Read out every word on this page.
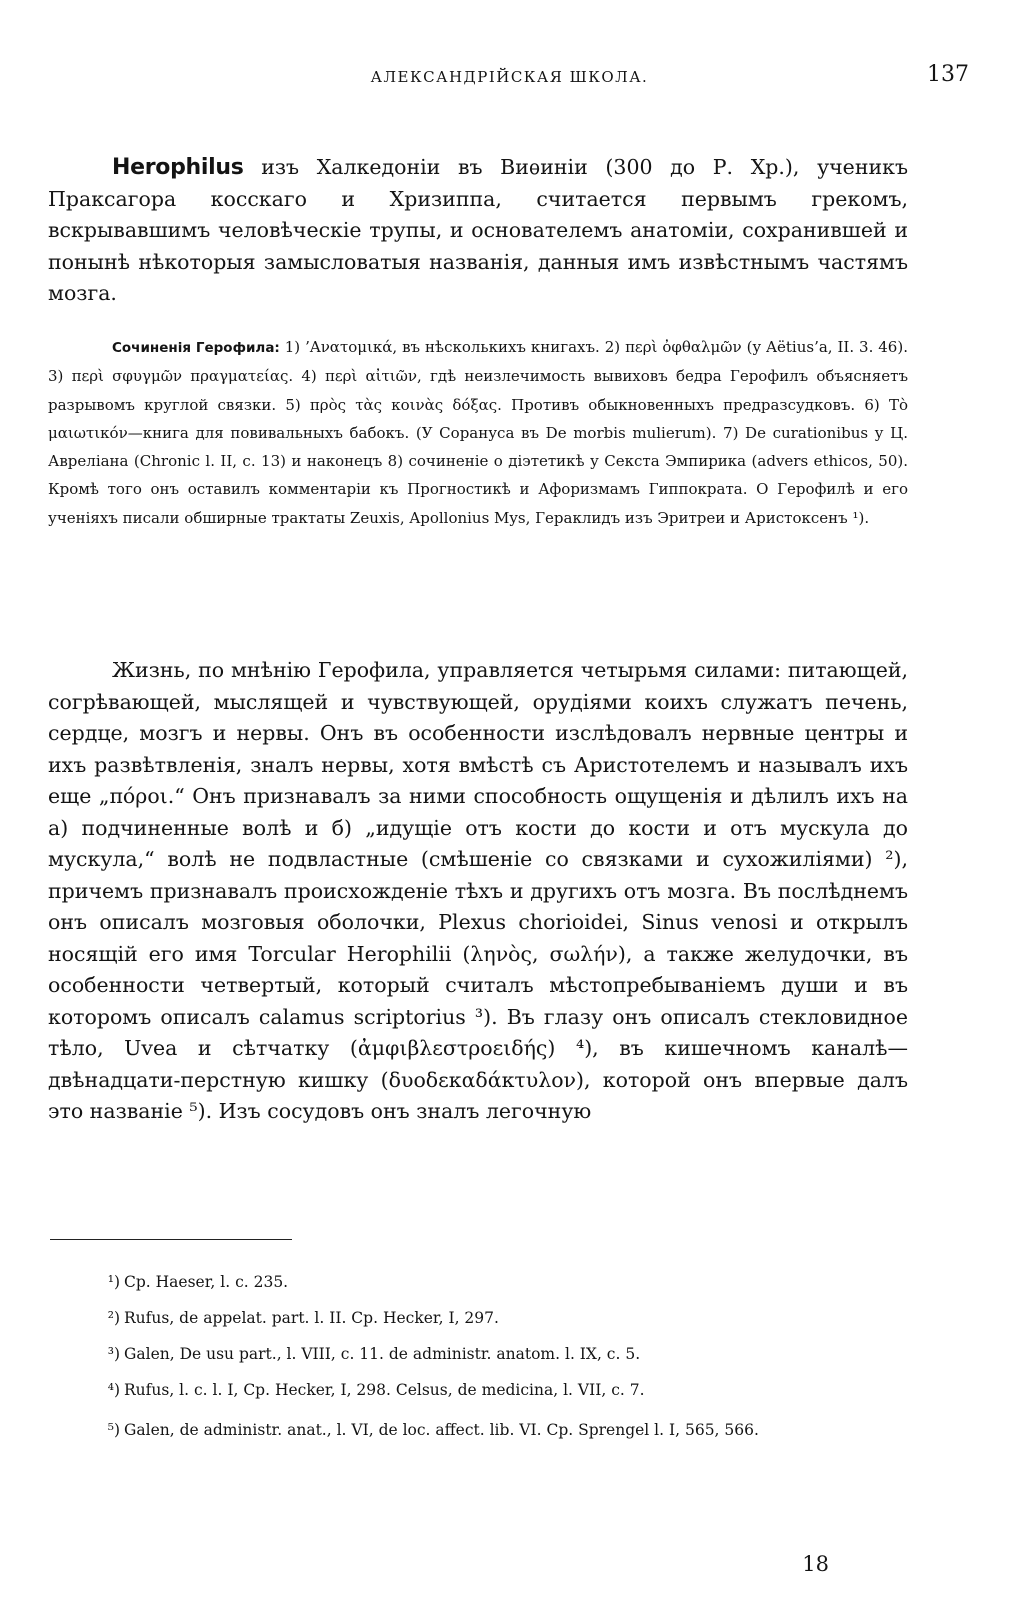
АЛЕКСАНДРІЙСКАЯ ШКОЛА.	137

Herophilus изъ Халкедоніи въ Виѳиніи (300 до Р. Хр.), ученикъ Праксагора косскаго и Хризиппа, считается первымъ грекомъ, вскрывавшимъ человѣческіе трупы, и основателемъ анатоміи, сохранившей и понынѣ нѣкоторыя замысловатыя названія, данныя имъ извѣстнымъ частямъ мозга.

Сочиненія Герофила: 1) ’Ανατομικά, въ нѣсколькихъ книгахъ. 2) περὶ ὀφθαλμῶν (у Aëtius’a, II. 3. 46). 3) περὶ σφυγμῶν πραγματείας. 4) περὶ αἰτιῶν, гдѣ неизлечимость вывиховъ бедра Герофилъ объясняетъ разрывомъ круглой связки. 5) πρὸς τὰς κοινὰς δόξας. Противъ обыкновенныхъ предразсудковъ. 6) Τὸ μαιωτικόν—книга для повивальныхъ бабокъ. (У Сорануса въ De morbis mulierum). 7) De curationibus у Ц. Авреліана (Chronic l. II, c. 13) и наконецъ 8) сочиненіе о діэтетикѣ у Секста Эмпирика (advers ethicos, 50). Кромѣ того онъ оставилъ комментаріи къ Прогностикѣ и Афоризмамъ Гиппократа. О Герофилѣ и его ученіяхъ писали обширные трактаты Zeuxis, Apollonius Mys, Гераклидъ изъ Эритреи и Аристоксенъ ¹).

Жизнь, по мнѣнію Герофила, управляется четырьмя силами: питающей, согрѣвающей, мыслящей и чувствующей, орудіями коихъ служатъ печень, сердце, мозгъ и нервы. Онъ въ особенности изслѣдовалъ нервные центры и ихъ развѣтвленія, зналъ нервы, хотя вмѣстѣ съ Аристотелемъ и называлъ ихъ еще „πόροι.“ Онъ признавалъ за ними способность ощущенія и дѣлилъ ихъ на а) подчиненные волѣ и б) „идущіе отъ кости до кости и отъ мускула до мускула,“ волѣ не подвластные (смѣшеніе со связками и сухожиліями) ²), причемъ признавалъ происхожденіе тѣхъ и другихъ отъ мозга. Въ послѣднемъ онъ описалъ мозговыя оболочки, Plexus chorioidei, Sinus venosi и открылъ носящій его имя Torcular Herophilii (ληνὸς, σωλήν), а также желудочки, въ особенности четвертый, который считалъ мѣстопребываніемъ души и въ которомъ описалъ calamus scriptorius ³). Въ глазу онъ описалъ стекловидное тѣло, Uvea и сѣтчатку (ἀμφιβλεστροειδής) ⁴), въ кишечномъ каналѣ—двѣнадцати-перстную кишку (δυοδεκαδάκτυλον), которой онъ впервые далъ это названіе ⁵). Изъ сосудовъ онъ зналъ легочную

¹) Cp. Haeser, l. c. 235.

²) Rufus, de appelat. part. l. II. Cp. Hecker, I, 297.

³) Galen, De usu part., l. VIII, c. 11. de administr. anatom. l. IX, c. 5.

⁴) Rufus, l. c. l. I, Cp. Hecker, I, 298. Celsus, de medicina, l. VII, c. 7.

⁵) Galen, de administr. anat., l. VI, de loc. affect. lib. VI. Cp. Sprengel l. I, 565, 566.

18
